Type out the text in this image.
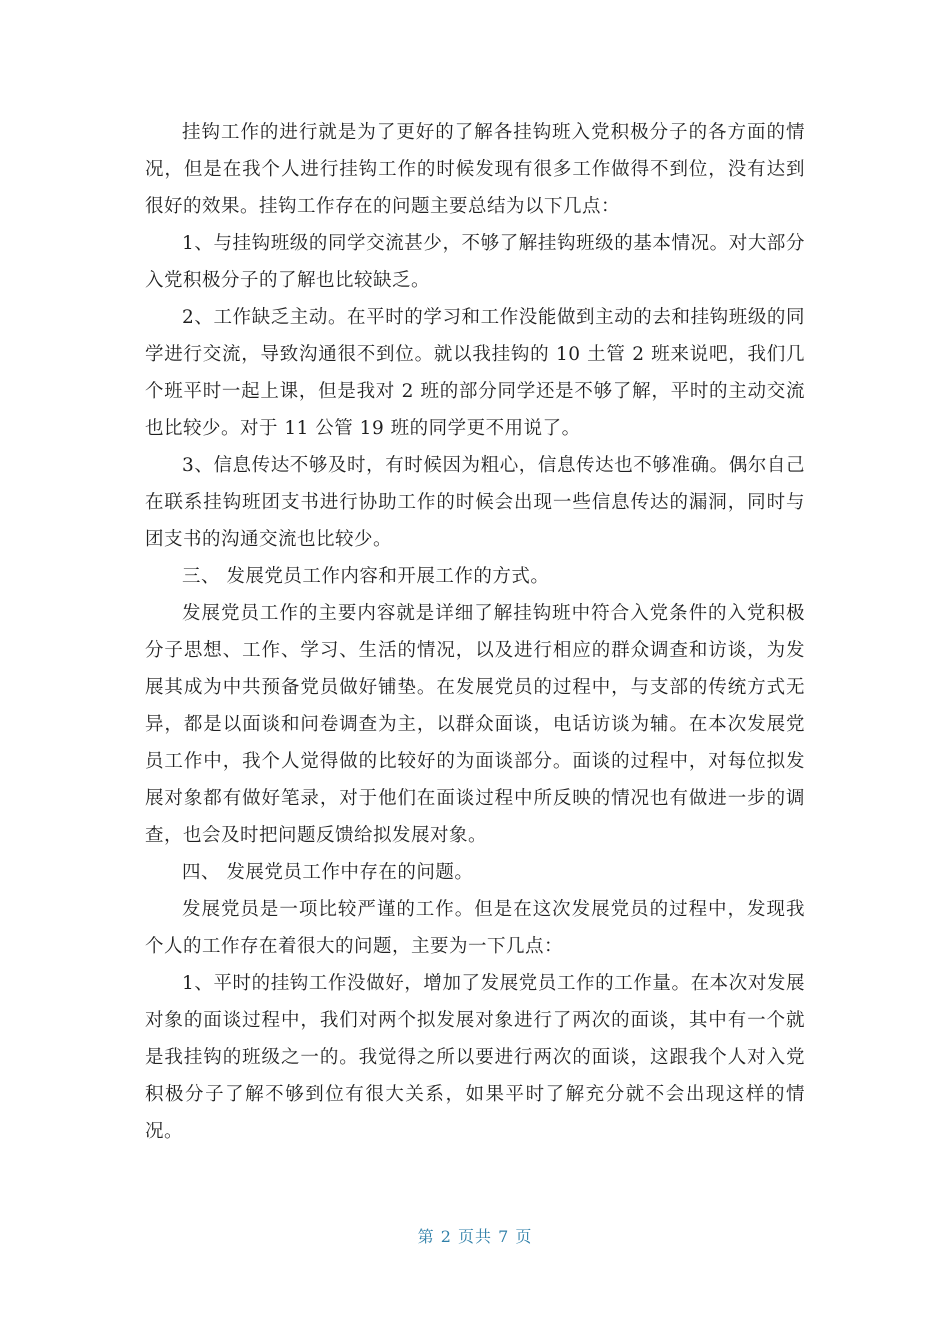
挂钩工作的进行就是为了更好的了解各挂钩班入党积极分子的各方面的情况，但是在我个人进行挂钩工作的时候发现有很多工作做得不到位，没有达到很好的效果。挂钩工作存在的问题主要总结为以下几点：

1、与挂钩班级的同学交流甚少，不够了解挂钩班级的基本情况。对大部分入党积极分子的了解也比较缺乏。

2、工作缺乏主动。在平时的学习和工作没能做到主动的去和挂钩班级的同学进行交流，导致沟通很不到位。就以我挂钩的 10 土管 2 班来说吧，我们几个班平时一起上课，但是我对 2 班的部分同学还是不够了解，平时的主动交流也比较少。对于 11 公管 19 班的同学更不用说了。

3、信息传达不够及时，有时候因为粗心，信息传达也不够准确。偶尔自己在联系挂钩班团支书进行协助工作的时候会出现一些信息传达的漏洞，同时与团支书的沟通交流也比较少。

三、 发展党员工作内容和开展工作的方式。

发展党员工作的主要内容就是详细了解挂钩班中符合入党条件的入党积极分子思想、工作、学习、生活的情况，以及进行相应的群众调查和访谈，为发展其成为中共预备党员做好铺垫。在发展党员的过程中，与支部的传统方式无异，都是以面谈和问卷调查为主，以群众面谈，电话访谈为辅。在本次发展党员工作中，我个人觉得做的比较好的为面谈部分。面谈的过程中，对每位拟发展对象都有做好笔录，对于他们在面谈过程中所反映的情况也有做进一步的调查，也会及时把问题反馈给拟发展对象。

四、 发展党员工作中存在的问题。

发展党员是一项比较严谨的工作。但是在这次发展党员的过程中，发现我个人的工作存在着很大的问题，主要为一下几点：

1、平时的挂钩工作没做好，增加了发展党员工作的工作量。在本次对发展对象的面谈过程中，我们对两个拟发展对象进行了两次的面谈，其中有一个就是我挂钩的班级之一的。我觉得之所以要进行两次的面谈，这跟我个人对入党积极分子了解不够到位有很大关系，如果平时了解充分就不会出现这样的情况。

第 2 页共 7 页
